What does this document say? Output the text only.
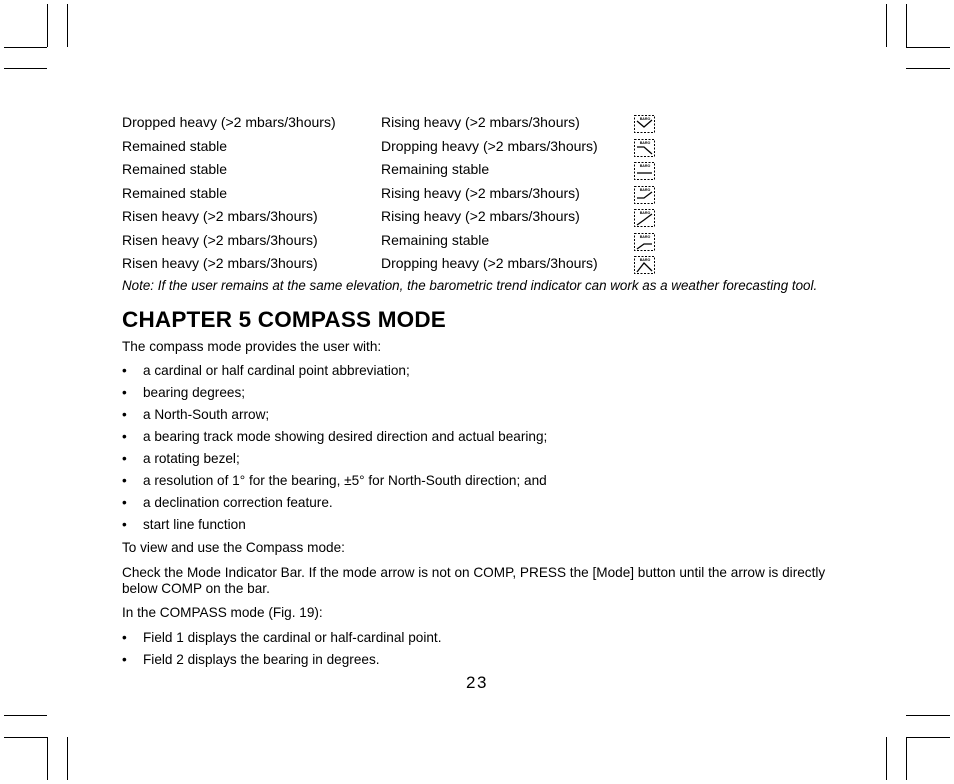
Dropped heavy (>2 mbars/3hours)	Rising heavy (>2 mbars/3hours)	BARO
Remained stable	Dropping heavy (>2 mbars/3hours)	BARO
Remained stable	Remaining stable	BARO
Remained stable	Rising heavy (>2 mbars/3hours)	BARO
Risen heavy (>2 mbars/3hours)	Rising heavy (>2 mbars/3hours)	BARO
Risen heavy (>2 mbars/3hours)	Remaining stable	BARO
Risen heavy (>2 mbars/3hours)	Dropping heavy (>2 mbars/3hours)	BARO
Note: If the user remains at the same elevation, the barometric trend indicator can work as a weather forecasting tool.
CHAPTER 5 COMPASS MODE
The compass mode provides the user with:
• a cardinal or half cardinal point abbreviation;
• bearing degrees;
• a North-South arrow;
• a bearing track mode showing desired direction and actual bearing;
• a rotating bezel;
• a resolution of 1° for the bearing, ±5° for North-South direction; and
• a declination correction feature.
• start line function
To view and use the Compass mode:
Check the Mode Indicator Bar. If the mode arrow is not on COMP, PRESS the [Mode] button until the arrow is directly below COMP on the bar.
In the COMPASS mode (Fig. 19):
• Field 1 displays the cardinal or half-cardinal point.
• Field 2 displays the bearing in degrees.
23
